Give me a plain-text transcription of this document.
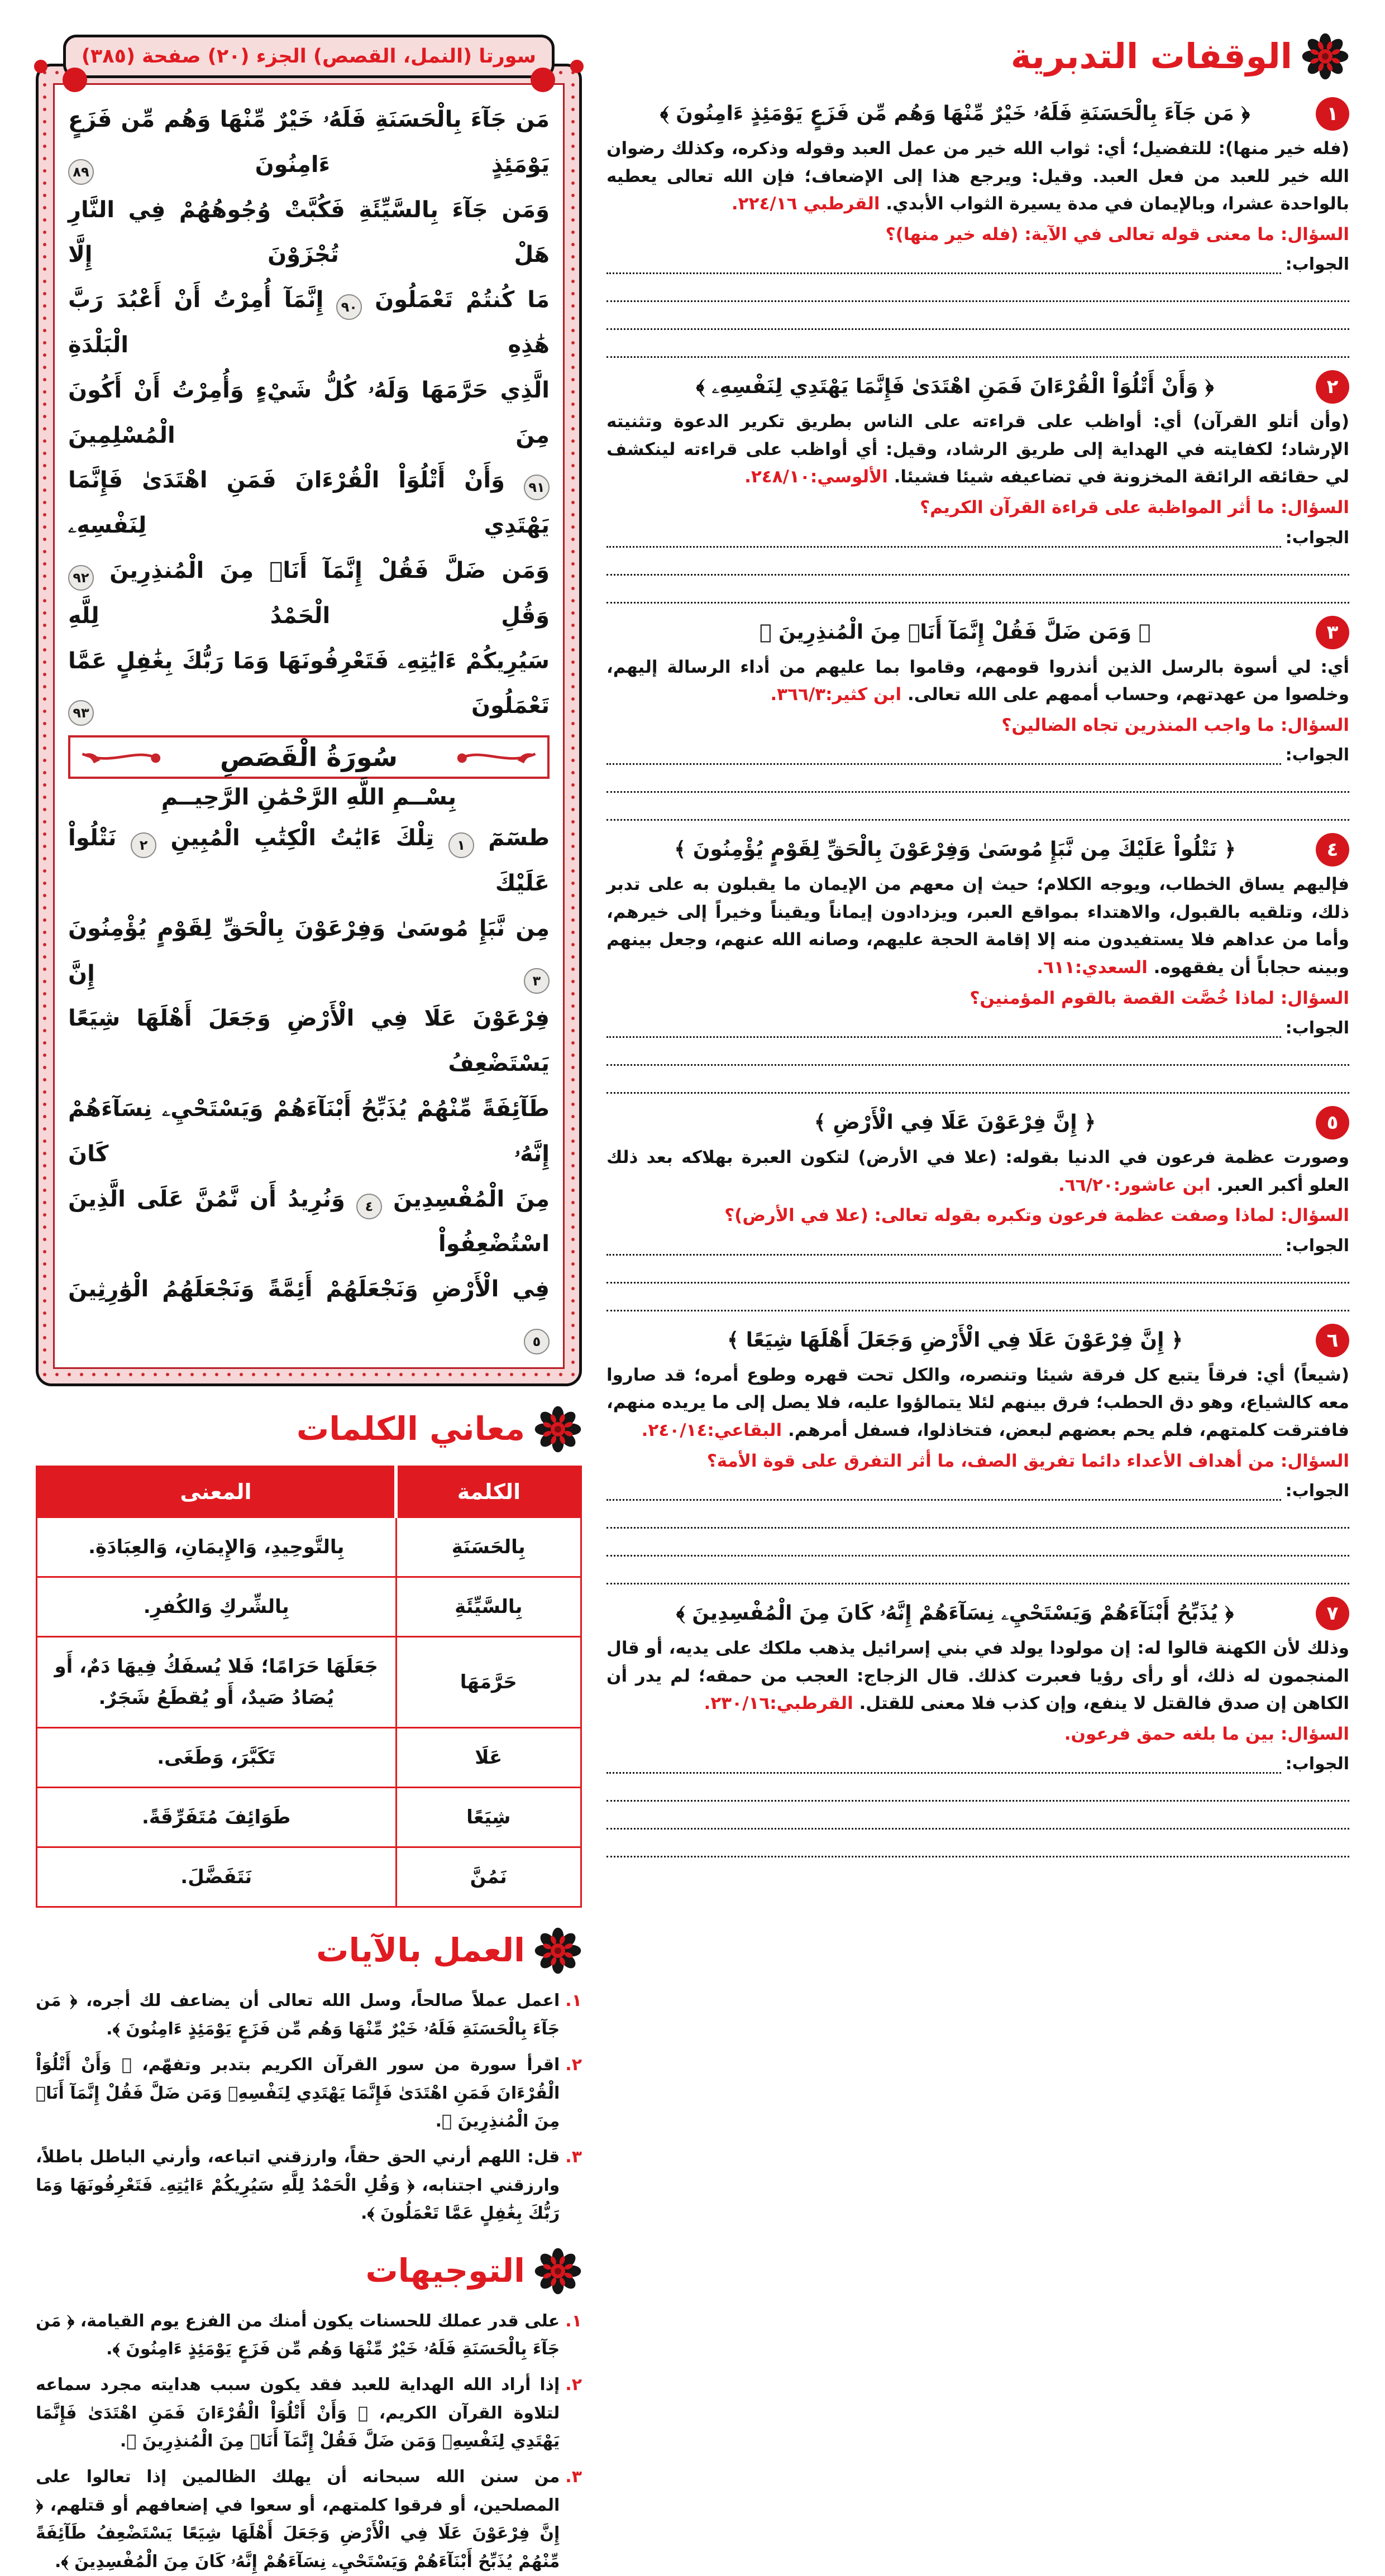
الوقفات التدبرية
١
﴿ مَن جَآءَ بِالْحَسَنَةِ فَلَهُۥ خَيْرٌ مِّنْهَا وَهُم مِّن فَزَعٍ يَوْمَئِذٍ ءَامِنُونَ ﴾
(فله خير منها): للتفضيل؛ أي: ثواب الله خير من عمل العبد وقوله وذكره، وكذلك رضوان الله خير للعبد من فعل العبد. وقيل: ويرجع هذا إلى الإضعاف؛ فإن الله تعالى يعطيه بالواحدة عشرا، وبالإيمان في مدة يسيرة الثواب الأبدي. القرطبي ٢٢٤/١٦.
السؤال: ما معنى قوله تعالى في الآية: (فله خير منها)؟
الجواب:
٢
﴿ وَأَنْ أَتْلُوَاْ الْقُرْءَانَ فَمَنِ اهْتَدَىٰ فَإِنَّمَا يَهْتَدِي لِنَفْسِهِۦ ﴾
(وأن أتلو القرآن) أي: أواظب على قراءته على الناس بطريق تكرير الدعوة وتثنيته الإرشاد؛ لكفايته في الهداية إلى طريق الرشاد، وقيل: أي أواظب على قراءته لينكشف لي حقائقه الرائقة المخزونة في تضاعيفه شيئا فشيئا. الألوسي:٢٤٨/١٠.
السؤال: ما أثر المواظبة على قراءة القرآن الكريم؟
الجواب:
٣
﴿ وَمَن ضَلَّ فَقُلْ إِنَّمَآ أَنَا۠ مِنَ الْمُنذِرِينَ ﴾
أي: لي أسوة بالرسل الذين أنذروا قومهم، وقاموا بما عليهم من أداء الرسالة إليهم، وخلصوا من عهدتهم، وحساب أممهم على الله تعالى. ابن كثير:٣٦٦/٣.
السؤال: ما واجب المنذرين تجاه الضالين؟
الجواب:
٤
﴿ نَتْلُواْ عَلَيْكَ مِن نَّبَإِ مُوسَىٰ وَفِرْعَوْنَ بِالْحَقِّ لِقَوْمٍ يُؤْمِنُونَ ﴾
فإليهم يساق الخطاب، ويوجه الكلام؛ حيث إن معهم من الإيمان ما يقبلون به على تدبر ذلك، وتلقيه بالقبول، والاهتداء بمواقع العبر، ويزدادون إيماناً ويقيناً وخيراً إلى خيرهم، وأما من عداهم فلا يستفيدون منه إلا إقامة الحجة عليهم، وصانه الله عنهم، وجعل بينهم وبينه حجاباً أن يفقهوه. السعدي:٦١١.
السؤال: لماذا خُصَّت القصة بالقوم المؤمنين؟
الجواب:
٥
﴿ إِنَّ فِرْعَوْنَ عَلَا فِي الْأَرْضِ ﴾
وصورت عظمة فرعون في الدنيا بقوله: (علا في الأرض) لتكون العبرة بهلاكه بعد ذلك العلو أكبر العبر. ابن عاشور:٦٦/٢٠.
السؤال: لماذا وصفت عظمة فرعون وتكبره بقوله تعالى: (علا في الأرض)؟
الجواب:
٦
﴿ إِنَّ فِرْعَوْنَ عَلَا فِي الْأَرْضِ وَجَعَلَ أَهْلَهَا شِيَعًا ﴾
(شيعاً) أي: فرقاً يتبع كل فرقة شيئا وتنصره، والكل تحت قهره وطوع أمره؛ قد صاروا معه كالشياع، وهو دق الحطب؛ فرق بينهم لئلا يتمالؤوا عليه، فلا يصل إلى ما يريده منهم، فافترقت كلمتهم، فلم يحم بعضهم لبعض، فتخاذلوا، فسفل أمرهم. البقاعي:٢٤٠/١٤.
السؤال: من أهداف الأعداء دائما تفريق الصف، ما أثر التفرق على قوة الأمة؟
الجواب:
٧
﴿ يُذَبِّحُ أَبْنَآءَهُمْ وَيَسْتَحْيِۦ نِسَآءَهُمْ إِنَّهُۥ كَانَ مِنَ الْمُفْسِدِينَ ﴾
وذلك لأن الكهنة قالوا له: إن مولودا يولد في بني إسرائيل يذهب ملكك على يديه، أو قال المنجمون له ذلك، أو رأى رؤيا فعبرت كذلك. قال الزجاج: العجب من حمقه؛ لم يدر أن الكاهن إن صدق فالقتل لا ينفع، وإن كذب فلا معنى للقتل. القرطبي:٢٣٠/١٦.
السؤال: بين ما بلغه حمق فرعون.
الجواب:
سورتا (النمل، القصص) الجزء (٢٠) صفحة (٣٨٥)
مَن جَآءَ بِالْحَسَنَةِ فَلَهُۥ خَيْرٌ مِّنْهَا وَهُم مِّن فَزَعٍ يَوْمَئِذٍ ءَامِنُونَ ٨٩
وَمَن جَآءَ بِالسَّيِّئَةِ فَكُبَّتْ وُجُوهُهُمْ فِي النَّارِ هَلْ تُجْزَوْنَ إِلَّا
مَا كُنتُمْ تَعْمَلُونَ ٩٠ إِنَّمَآ أُمِرْتُ أَنْ أَعْبُدَ رَبَّ هَٰذِهِ الْبَلْدَةِ
الَّذِي حَرَّمَهَا وَلَهُۥ كُلُّ شَيْءٍ وَأُمِرْتُ أَنْ أَكُونَ مِنَ الْمُسْلِمِينَ
٩١ وَأَنْ أَتْلُوَاْ الْقُرْءَانَ فَمَنِ اهْتَدَىٰ فَإِنَّمَا يَهْتَدِي لِنَفْسِهِۦ
وَمَن ضَلَّ فَقُلْ إِنَّمَآ أَنَا۠ مِنَ الْمُنذِرِينَ ٩٢ وَقُلِ الْحَمْدُ لِلَّهِ
سَيُرِيكُمْ ءَايَٰتِهِۦ فَتَعْرِفُونَهَا وَمَا رَبُّكَ بِغَٰفِلٍ عَمَّا تَعْمَلُونَ ٩٣
سُورَةُ الْقَصَصِ
بِسْــمِ اللَّهِ الرَّحْمَٰنِ الرَّحِيــمِ
طسٓمٓ ١ تِلْكَ ءَايَٰتُ الْكِتَٰبِ الْمُبِينِ ٢ نَتْلُواْ عَلَيْكَ
مِن نَّبَإِ مُوسَىٰ وَفِرْعَوْنَ بِالْحَقِّ لِقَوْمٍ يُؤْمِنُونَ ٣ إِنَّ
فِرْعَوْنَ عَلَا فِي الْأَرْضِ وَجَعَلَ أَهْلَهَا شِيَعًا يَسْتَضْعِفُ
طَآئِفَةً مِّنْهُمْ يُذَبِّحُ أَبْنَآءَهُمْ وَيَسْتَحْيِۦ نِسَآءَهُمْ إِنَّهُۥ كَانَ
مِنَ الْمُفْسِدِينَ ٤ وَنُرِيدُ أَن نَّمُنَّ عَلَى الَّذِينَ اسْتُضْعِفُواْ
فِي الْأَرْضِ وَنَجْعَلَهُمْ أَئِمَّةً وَنَجْعَلَهُمُ الْوَٰرِثِينَ ٥
معاني الكلمات
الكلمة	المعنى
بِالحَسَنَةِ	بِالتَّوحِيدِ، وَالإِيمَانِ، وَالعِبَادَةِ.
بِالسَّيِّئَةِ	بِالشِّركِ وَالكُفرِ.
حَرَّمَهَا	جَعَلَهَا حَرَامًا؛ فَلا يُسفَكُ فِيهَا دَمٌ، أَو يُصَادُ صَيدٌ، أَو يُقطَعُ شَجَرٌ.
عَلَا	تَكَبَّرَ، وَطَغَى.
شِيَعًا	طَوَائِفَ مُتَفَرِّقَةً.
نَمُنَّ	نَتَفَضَّلَ.
العمل بالآيات
١.
اعمل عملاً صالحاً، وسل الله تعالى أن يضاعف لك أجره، ﴿ مَن جَآءَ بِالْحَسَنَةِ فَلَهُۥ خَيْرٌ مِّنْهَا وَهُم مِّن فَزَعٍ يَوْمَئِذٍ ءَامِنُونَ ﴾.
٢.
اقرأ سورة من سور القرآن الكريم بتدبر وتفهّم، ﴿ وَأَنْ أَتْلُوَاْ الْقُرْءَانَ فَمَنِ اهْتَدَىٰ فَإِنَّمَا يَهْتَدِي لِنَفْسِهِۦ وَمَن ضَلَّ فَقُلْ إِنَّمَآ أَنَا۠ مِنَ الْمُنذِرِينَ ﴾.
٣.
قل: اللهم أرني الحق حقاً، وارزقني اتباعه، وأرني الباطل باطلاً، وارزقني اجتنابه، ﴿ وَقُلِ الْحَمْدُ لِلَّهِ سَيُرِيكُمْ ءَايَٰتِهِۦ فَتَعْرِفُونَهَا وَمَا رَبُّكَ بِغَٰفِلٍ عَمَّا تَعْمَلُونَ ﴾.
التوجيهات
١.
على قدر عملك للحسنات يكون أمنك من الفزع يوم القيامة، ﴿ مَن جَآءَ بِالْحَسَنَةِ فَلَهُۥ خَيْرٌ مِّنْهَا وَهُم مِّن فَزَعٍ يَوْمَئِذٍ ءَامِنُونَ ﴾.
٢.
إذا أراد الله الهداية للعبد فقد يكون سبب هدايته مجرد سماعه لتلاوة القرآن الكريم، ﴿ وَأَنْ أَتْلُوَاْ الْقُرْءَانَ فَمَنِ اهْتَدَىٰ فَإِنَّمَا يَهْتَدِي لِنَفْسِهِۦ وَمَن ضَلَّ فَقُلْ إِنَّمَآ أَنَا۠ مِنَ الْمُنذِرِينَ ﴾.
٣.
من سنن الله سبحانه أن يهلك الظالمين إذا تعالوا على المصلحين، أو فرقوا كلمتهم، أو سعوا في إضعافهم أو قتلهم، ﴿ إِنَّ فِرْعَوْنَ عَلَا فِي الْأَرْضِ وَجَعَلَ أَهْلَهَا شِيَعًا يَسْتَضْعِفُ طَآئِفَةً مِّنْهُمْ يُذَبِّحُ أَبْنَآءَهُمْ وَيَسْتَحْيِۦ نِسَآءَهُمْ إِنَّهُۥ كَانَ مِنَ الْمُفْسِدِينَ ﴾.
